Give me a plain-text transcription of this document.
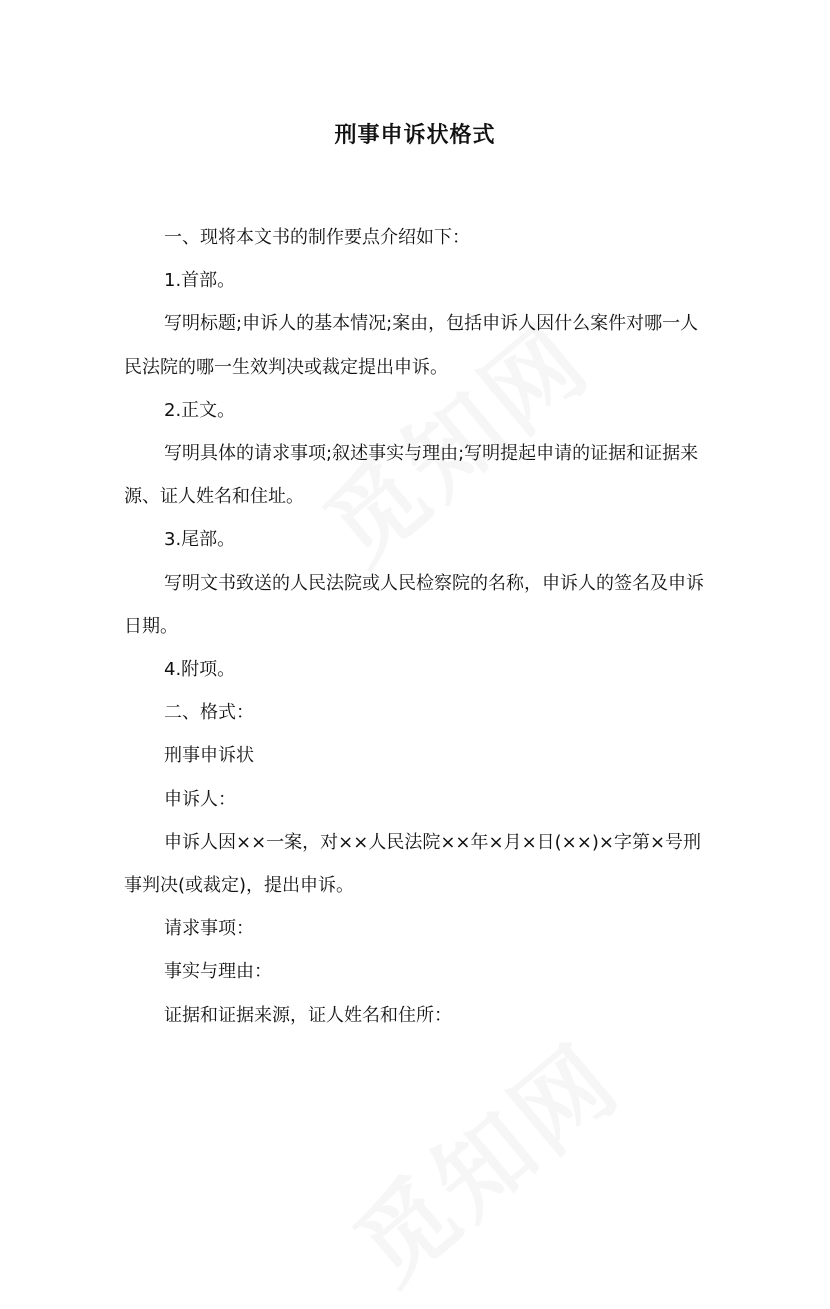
刑事申诉状格式

一、现将本文书的制作要点介绍如下：

1.首部。

写明标题;申诉人的基本情况;案由，包括申诉人因什么案件对哪一人民法院的哪一生效判决或裁定提出申诉。

2.正文。

写明具体的请求事项;叙述事实与理由;写明提起申请的证据和证据来源、证人姓名和住址。

3.尾部。

写明文书致送的人民法院或人民检察院的名称，申诉人的签名及申诉日期。

4.附项。

二、格式：

刑事申诉状

申诉人：

申诉人因××一案，对××人民法院××年×月×日(××)×字第×号刑事判决(或裁定)，提出申诉。

请求事项：

事实与理由：

证据和证据来源，证人姓名和住所：
